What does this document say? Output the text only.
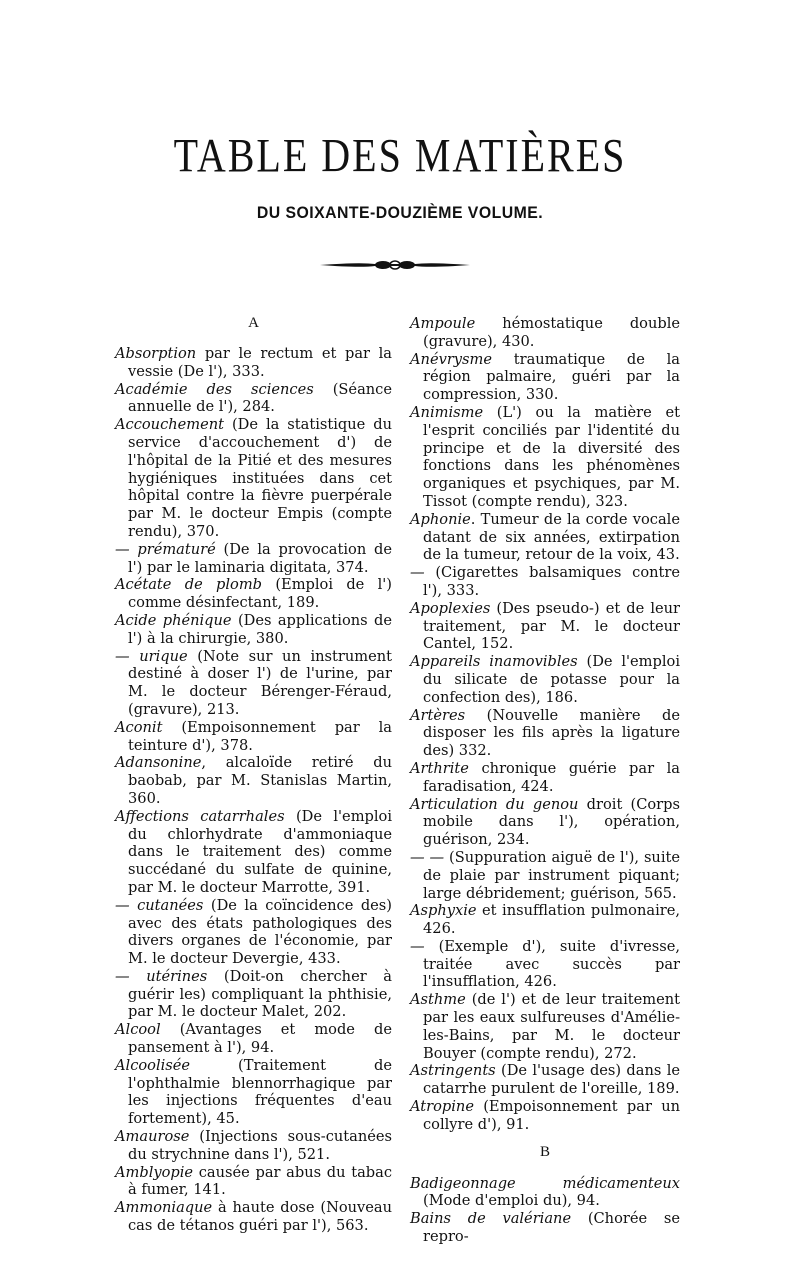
TABLE DES MATIÈRES
DU SOIXANTE-DOUZIÈME VOLUME.
A

Absorption par le rectum et par la vessie (De l'), 333.

Académie des sciences (Séance annuelle de l'), 284.

Accouchement (De la statistique du service d'accouchement d') de l'hôpital de la Pitié et des mesures hygiéniques instituées dans cet hôpital contre la fièvre puerpérale par M. le docteur Empis (compte rendu), 370.

— prématuré (De la provocation de l') par le laminaria digitata, 374.

Acétate de plomb (Emploi de l') comme désinfectant, 189.

Acide phénique (Des applications de l') à la chirurgie, 380.

— urique (Note sur un instrument destiné à doser l') de l'urine, par M. le docteur Bérenger-Féraud, (gravure), 213.

Aconit (Empoisonnement par la teinture d'), 378.

Adansonine, alcaloïde retiré du baobab, par M. Stanislas Martin, 360.

Affections catarrhales (De l'emploi du chlorhydrate d'ammoniaque dans le traitement des) comme succédané du sulfate de quinine, par M. le docteur Marrotte, 391.

— cutanées (De la coïncidence des) avec des états pathologiques des divers organes de l'économie, par M. le docteur Devergie, 433.

— utérines (Doit-on chercher à guérir les) compliquant la phthisie, par M. le docteur Malet, 202.

Alcool (Avantages et mode de pansement à l'), 94.

Alcoolisée (Traitement de l'ophthalmie blennorrhagique par les injections fréquentes d'eau fortement), 45.

Amaurose (Injections sous-cutanées du strychnine dans l'), 521.

Amblyopie causée par abus du tabac à fumer, 141.

Ammoniaque à haute dose (Nouveau cas de tétanos guéri par l'), 563.

Ampoule hémostatique double (gravure), 430.

Anévrysme traumatique de la région palmaire, guéri par la compression, 330.

Animisme (L') ou la matière et l'esprit conciliés par l'identité du principe et de la diversité des fonctions dans les phénomènes organiques et psychiques, par M. Tissot (compte rendu), 323.

Aphonie. Tumeur de la corde vocale datant de six années, extirpation de la tumeur, retour de la voix, 43.

— (Cigarettes balsamiques contre l'), 333.

Apoplexies (Des pseudo-) et de leur traitement, par M. le docteur Cantel, 152.

Appareils inamovibles (De l'emploi du silicate de potasse pour la confection des), 186.

Artères (Nouvelle manière de disposer les fils après la ligature des) 332.

Arthrite chronique guérie par la faradisation, 424.

Articulation du genou droit (Corps mobile dans l'), opération, guérison, 234.

— — (Suppuration aiguë de l'), suite de plaie par instrument piquant; large débridement; guérison, 565.

Asphyxie et insufflation pulmonaire, 426.

— (Exemple d'), suite d'ivresse, traitée avec succès par l'insufflation, 426.

Asthme (de l') et de leur traitement par les eaux sulfureuses d'Amélie-les-Bains, par M. le docteur Bouyer (compte rendu), 272.

Astringents (De l'usage des) dans le catarrhe purulent de l'oreille, 189.

Atropine (Empoisonnement par un collyre d'), 91.

B

Badigeonnage médicamenteux (Mode d'emploi du), 94.

Bains de valériane (Chorée se repro-
